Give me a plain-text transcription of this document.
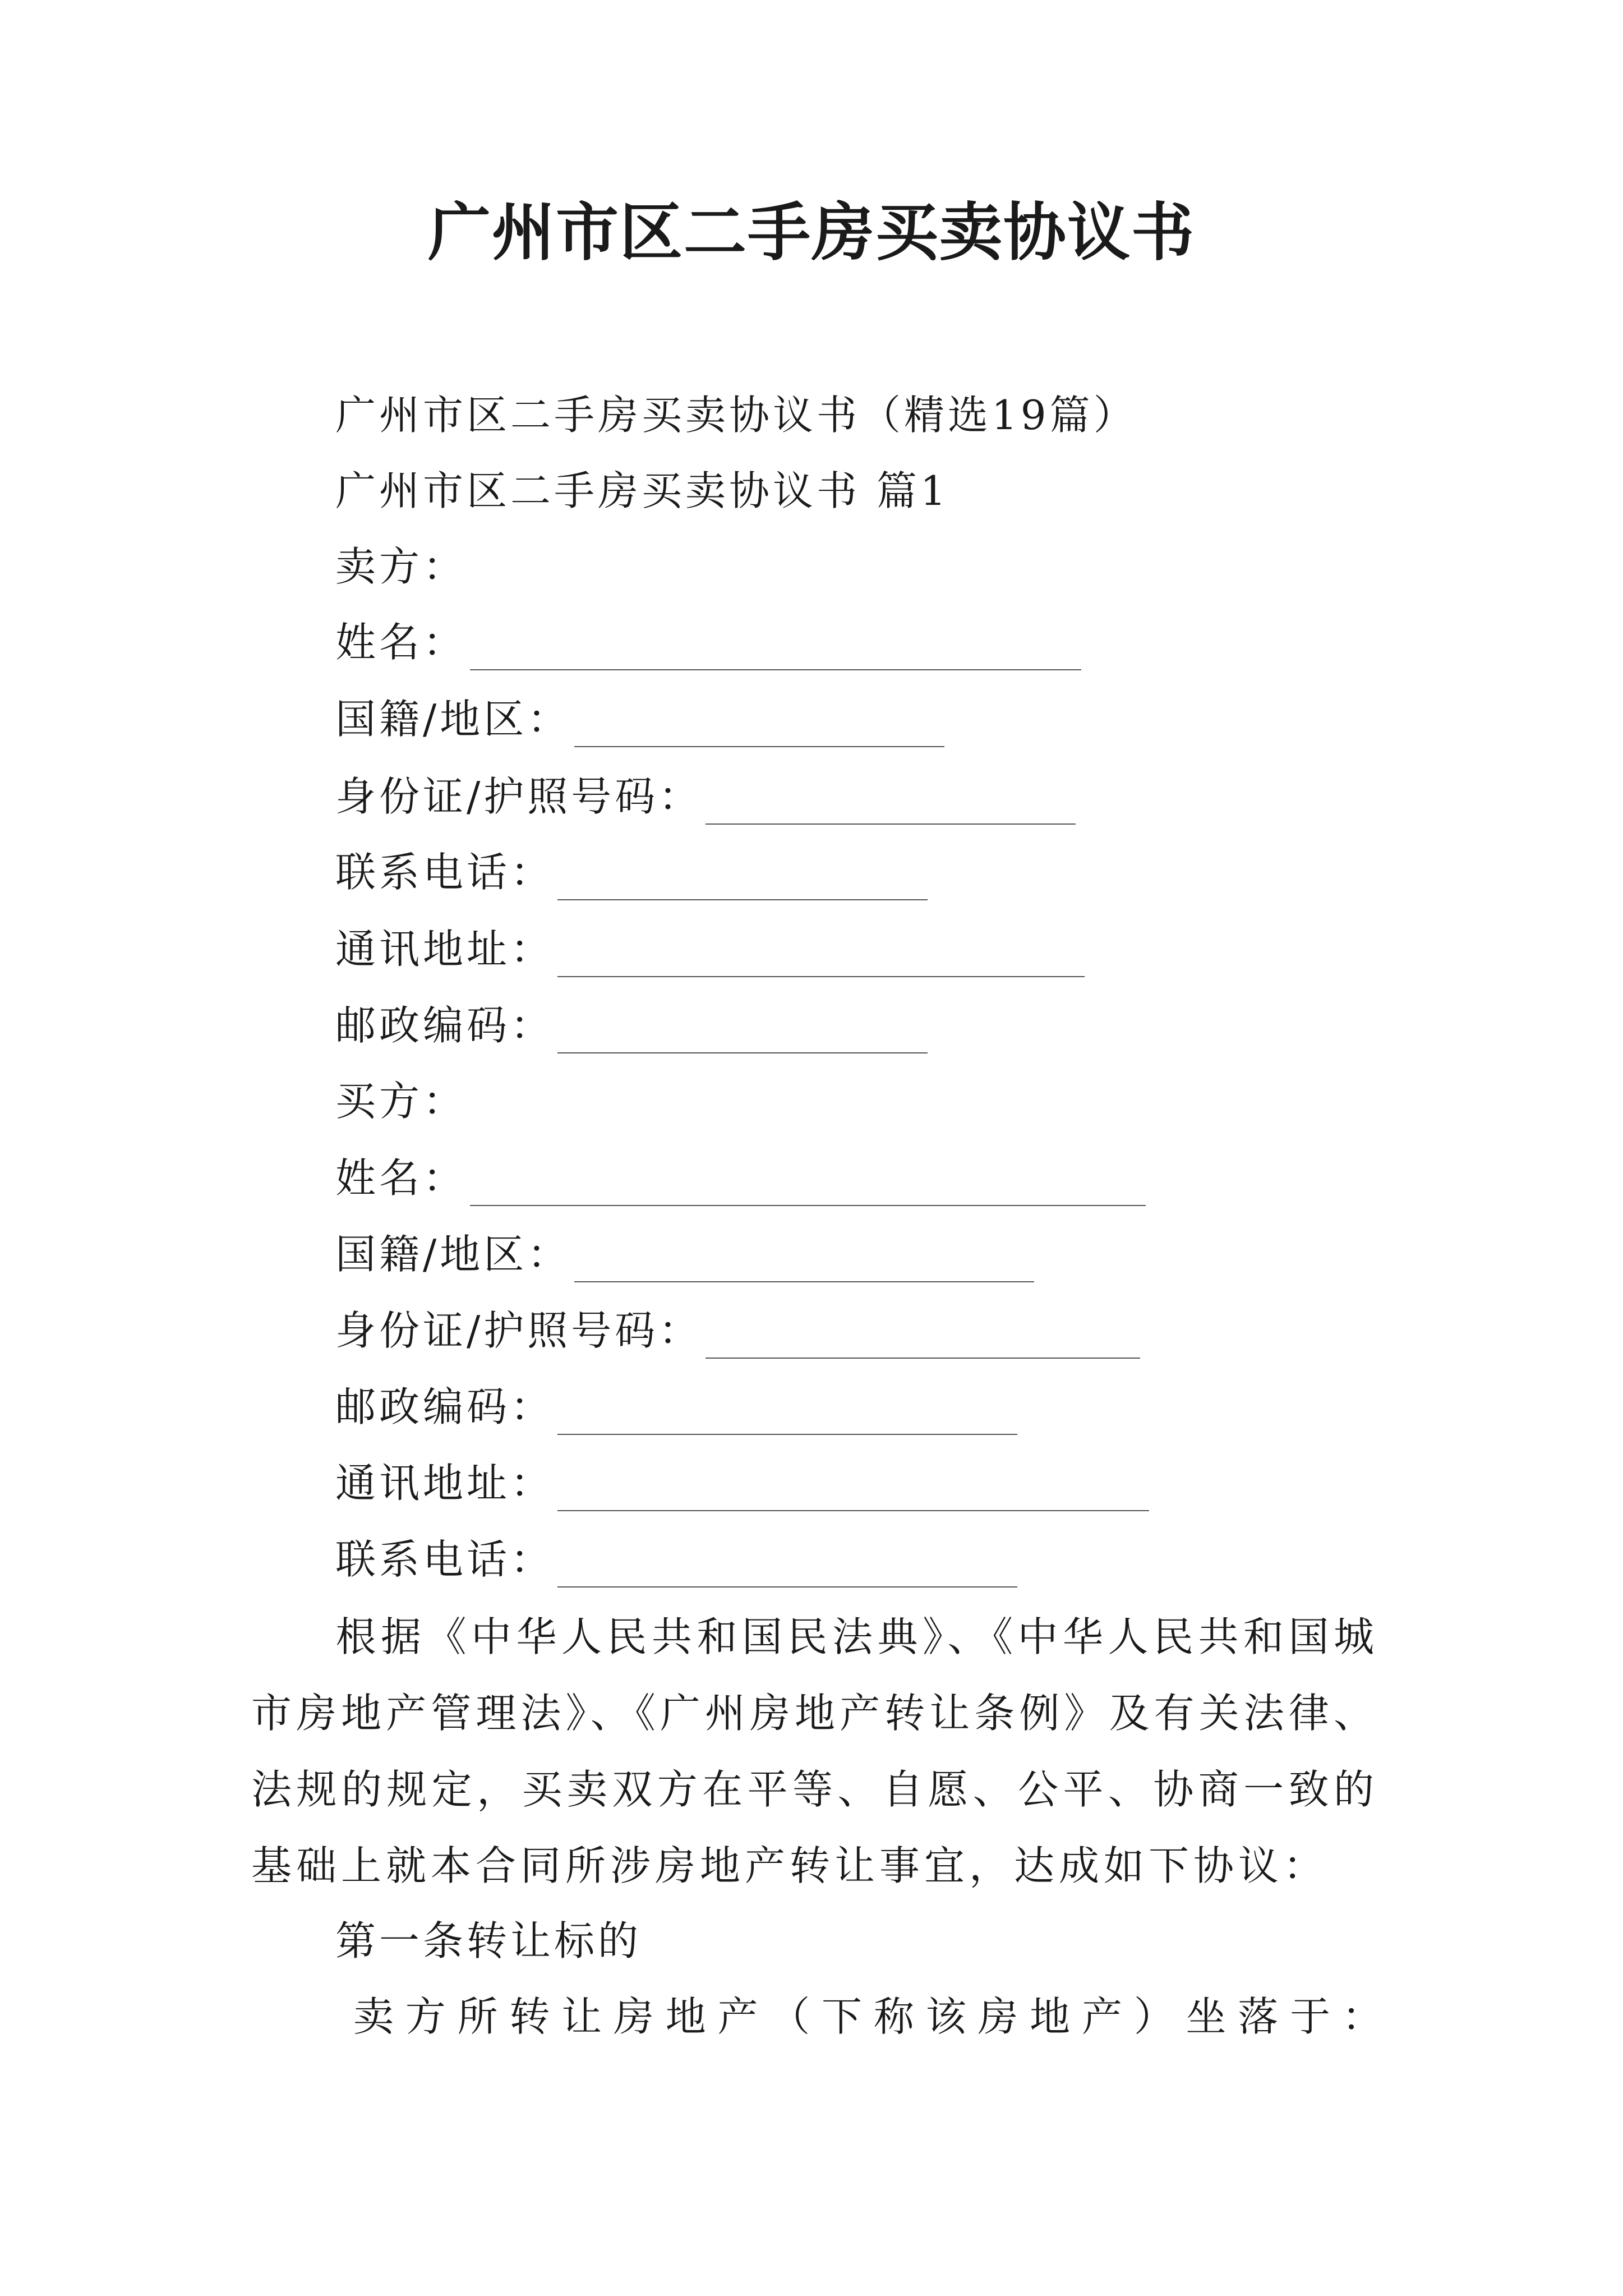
广州市区二手房买卖协议书
广州市区二手房买卖协议书（精选19篇）
广州市区二手房买卖协议书 篇1
卖方：
姓名：
国籍/地区：
身份证/护照号码：
联系电话：
通讯地址：
邮政编码：
买方：
姓名：
国籍/地区：
身份证/护照号码：
邮政编码：
通讯地址：
联系电话：
根据《中华人民共和国民法典》、《中华人民共和国城市房地产管理法》、《广州房地产转让条例》及有关法律、法规的规定，买卖双方在平等、自愿、公平、协商一致的基础上就本合同所涉房地产转让事宜，达成如下协议：
第一条转让标的
卖 方 所 转 让 房 地 产 （ 下 称 该 房 地 产 ） 坐 落 于 ：
